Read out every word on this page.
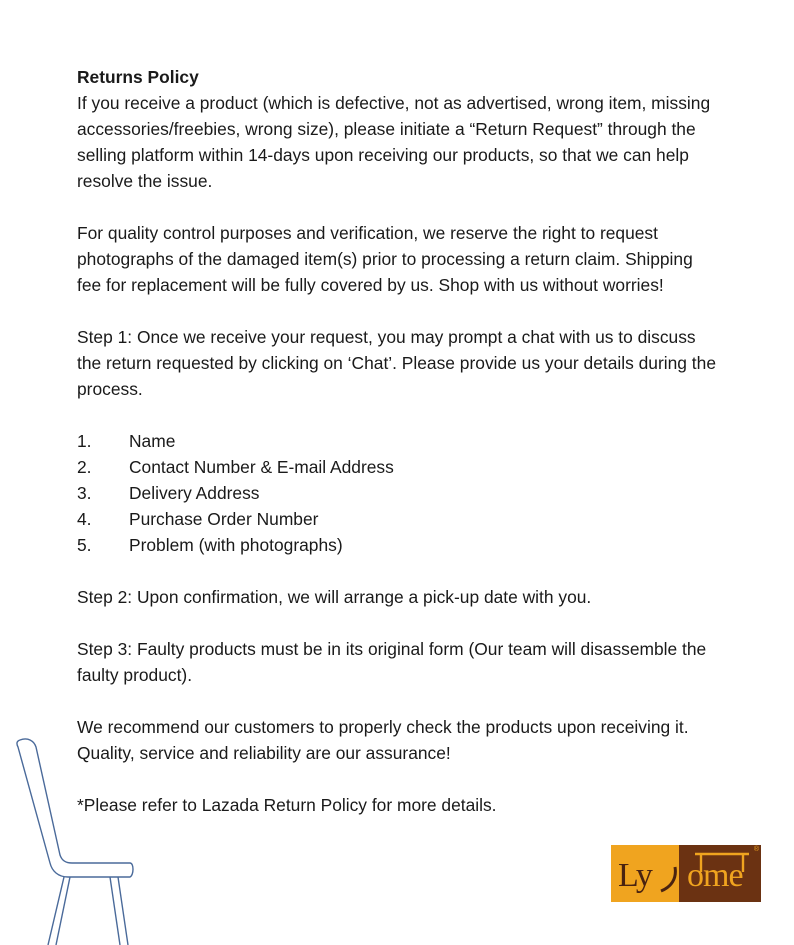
Returns Policy
If you receive a product (which is defective, not as advertised, wrong item, missing accessories/freebies, wrong size), please initiate a “Return Request” through the selling platform within 14-days upon receiving our products, so that we can help resolve the issue.

For quality control purposes and verification, we reserve the right to request photographs of the damaged item(s) prior to processing a return claim. Shipping fee for replacement will be fully covered by us. Shop with us without worries!

Step 1: Once we receive your request, you may prompt a chat with us to discuss the return requested by clicking on ‘Chat’. Please provide us your details during the process.

1.	Name
2.	Contact Number & E-mail Address
3.	Delivery Address
4.	Purchase Order Number
5.	Problem (with photographs)

Step 2: Upon confirmation, we will arrange a pick-up date with you.

Step 3: Faulty products must be in its original form (Our team will disassemble the faulty product).

We recommend our customers to properly check the products upon receiving it. Quality, service and reliability are our assurance!

*Please refer to Lazada Return Policy for more details.

Ly ome
®
